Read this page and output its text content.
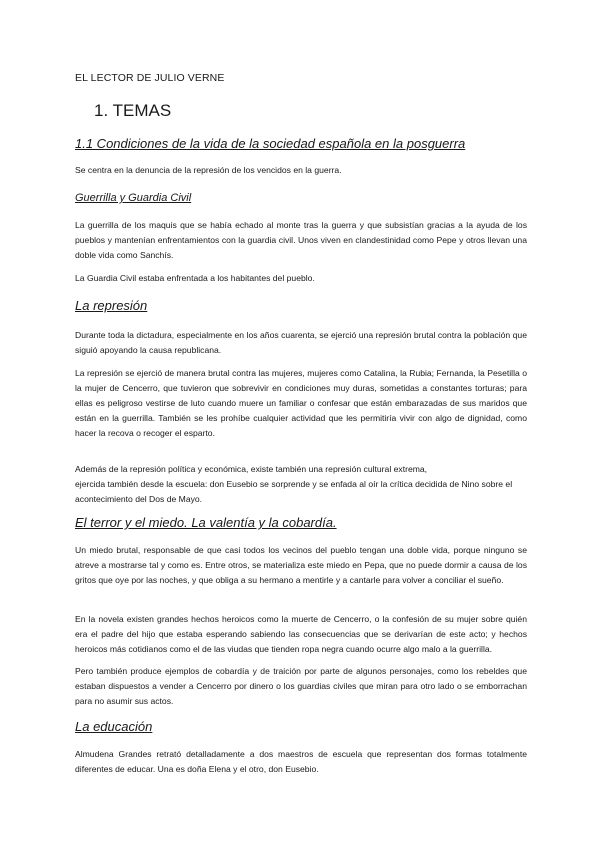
EL LECTOR DE JULIO VERNE
1. TEMAS
1.1 Condiciones de la vida de la sociedad española en la posguerra
Se centra en la denuncia de la represión de los vencidos en la guerra.
Guerrilla y Guardia Civil
La guerrilla de los maquis que se había echado al monte tras la guerra y que subsistían gracias a la ayuda de los pueblos y mantenían enfrentamientos con la guardia civil. Unos viven en clandestinidad como Pepe y otros llevan una doble vida como Sanchís.
La Guardia Civil estaba enfrentada a los habitantes del pueblo.
La represión
Durante toda la dictadura, especialmente en los años cuarenta, se ejerció una represión brutal contra la población que siguió apoyando la causa republicana.
La represión se ejerció de manera brutal contra las mujeres, mujeres como Catalina, la Rubia; Fernanda, la Pesetilla o la mujer de Cencerro, que tuvieron que sobrevivir en condiciones muy duras, sometidas a constantes torturas; para ellas es peligroso vestirse de luto cuando muere un familiar o confesar que están embarazadas de sus maridos que están en la guerrilla. También se les prohíbe cualquier actividad que les permitiría vivir con algo de dignidad, como hacer la recova o recoger el esparto.
Además de la represión política y económica, existe también una represión cultural extrema,
ejercida también desde la escuela: don Eusebio se sorprende y se enfada al oír la crítica decidida de Nino sobre el acontecimiento del Dos de Mayo.
El terror y el miedo. La valentía y la cobardía.
Un miedo brutal, responsable de que casi todos los vecinos del pueblo tengan una doble vida, porque ninguno se atreve a mostrarse tal y como es. Entre otros, se materializa este miedo en Pepa, que no puede dormir a causa de los gritos que oye por las noches, y que obliga a su hermano a mentirle y a cantarle para volver a conciliar el sueño.
En la novela existen grandes hechos heroicos como la muerte de Cencerro, o la confesión de su mujer sobre quién era el padre del hijo que estaba esperando sabiendo las consecuencias que se derivarían de este acto; y hechos heroicos más cotidianos como el de las viudas que tienden ropa negra cuando ocurre algo malo a la guerrilla.
Pero también produce ejemplos de cobardía y de traición por parte de algunos personajes, como los rebeldes que estaban dispuestos a vender a Cencerro por dinero o los guardias civiles que miran para otro lado o se emborrachan para no asumir sus actos.
La educación
Almudena Grandes retrató detalladamente a dos maestros de escuela que representan dos formas totalmente diferentes de educar. Una es doña Elena y el otro, don Eusebio.
